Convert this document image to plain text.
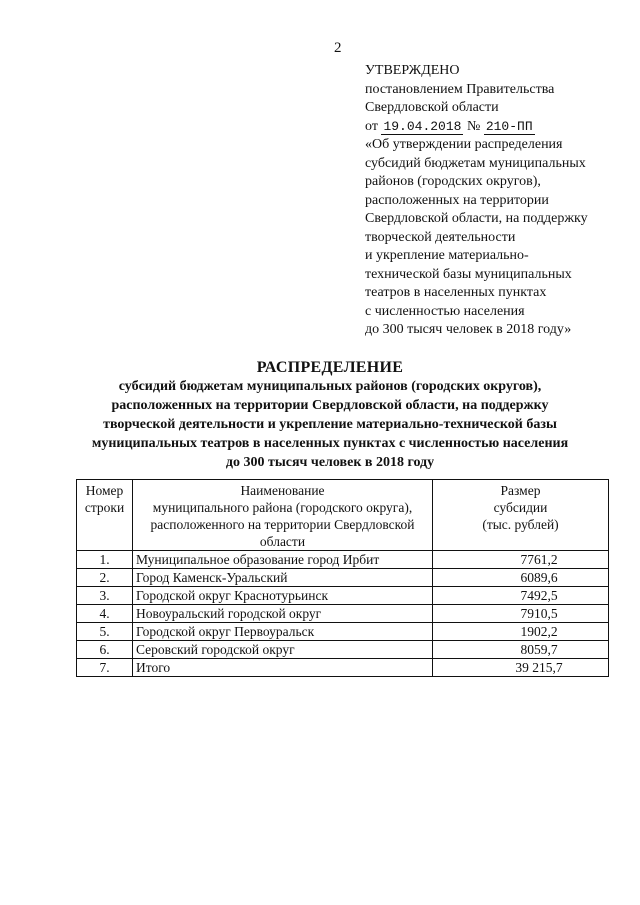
2
УТВЕРЖДЕНО
постановлением Правительства
Свердловской области
от 19.04.2018 № 210-ПП
«Об утверждении распределения
субсидий бюджетам муниципальных
районов (городских округов),
расположенных на территории
Свердловской области, на поддержку
творческой деятельности
и укрепление материально-
технической базы муниципальных
театров в населенных пунктах
с численностью населения
до 300 тысяч человек в 2018 году»
РАСПРЕДЕЛЕНИЕ
субсидий бюджетам муниципальных районов (городских округов),
расположенных на территории Свердловской области, на поддержку
творческой деятельности и укрепление материально-технической базы
муниципальных театров в населенных пунктах с численностью населения
до 300 тысяч человек в 2018 году
Номер
строки	Наименование
муниципального района (городского округа),
расположенного на территории Свердловской
области	Размер
субсидии
(тыс. рублей)

1.	Муниципальное образование город Ирбит	7761,2
2.	Город Каменск-Уральский	6089,6
3.	Городской округ Краснотурьинск	7492,5
4.	Новоуральский городской округ	7910,5
5.	Городской округ Первоуральск	1902,2
6.	Серовский городской округ	8059,7
7.	Итого	39 215,7
